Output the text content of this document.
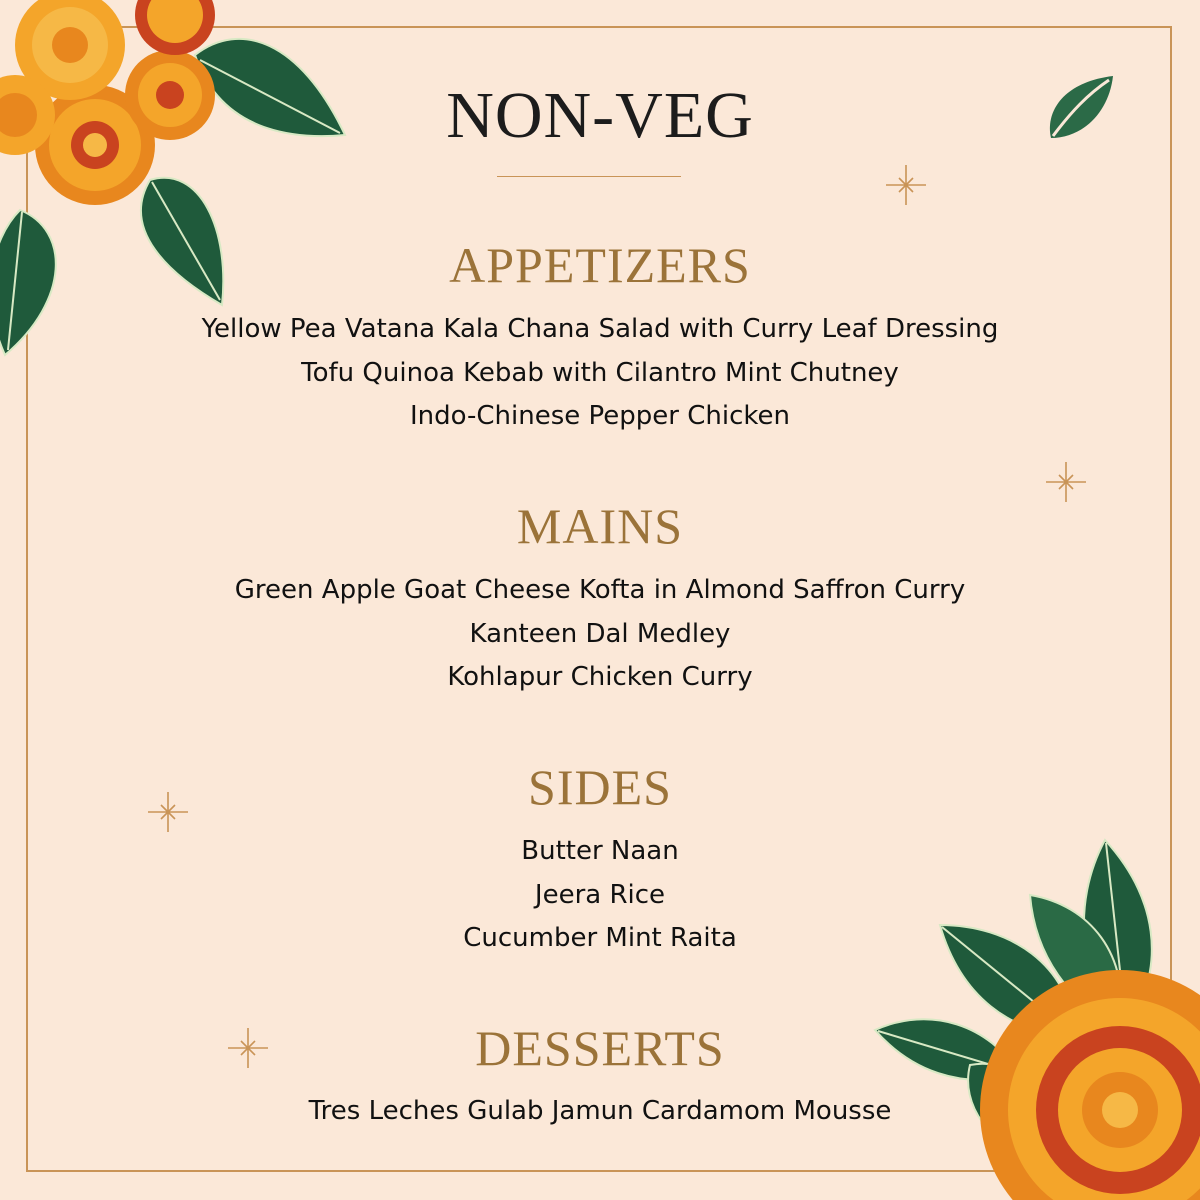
NON-VEG
APPETIZERS
Yellow Pea Vatana Kala Chana Salad with Curry Leaf Dressing
Tofu Quinoa Kebab with Cilantro Mint Chutney
Indo-Chinese Pepper Chicken
MAINS
Green Apple Goat Cheese Kofta in Almond Saffron Curry
Kanteen Dal Medley
Kohlapur Chicken Curry
SIDES
Butter Naan
Jeera Rice
Cucumber Mint Raita
DESSERTS
Tres Leches Gulab Jamun Cardamom Mousse
